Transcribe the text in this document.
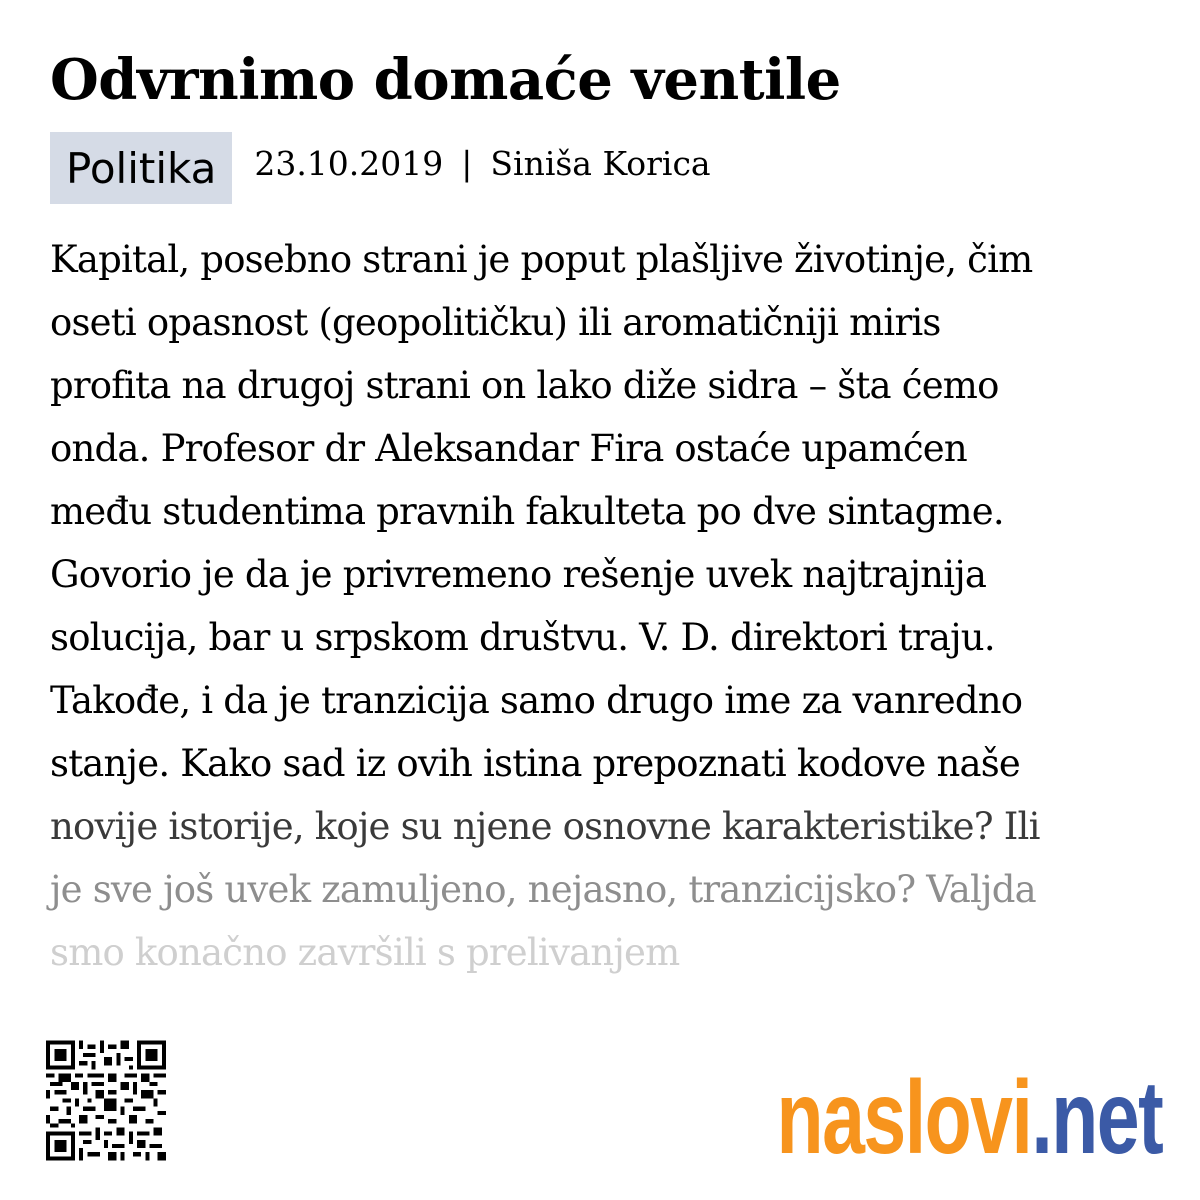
Odvrnimo domaće ventile
Politika	23.10.2019 | Siniša Korica
Kapital, posebno strani je poput plašljive životinje, čim
oseti opasnost (geopolitičku) ili aromatičniji miris
profita na drugoj strani on lako diže sidra – šta ćemo
onda. Profesor dr Aleksandar Fira ostaće upamćen
među studentima pravnih fakulteta po dve sintagme.
Govorio je da je privremeno rešenje uvek najtrajnija
solucija, bar u srpskom društvu. V. D. direktori traju.
Takođe, i da je tranzicija samo drugo ime za vanredno
stanje. Kako sad iz ovih istina prepoznati kodove naše
novije istorije, koje su njene osnovne karakteristike? Ili
je sve još uvek zamuljeno, nejasno, tranzicijsko? Valjda
smo konačno završili s prelivanjem
naslovi.net
